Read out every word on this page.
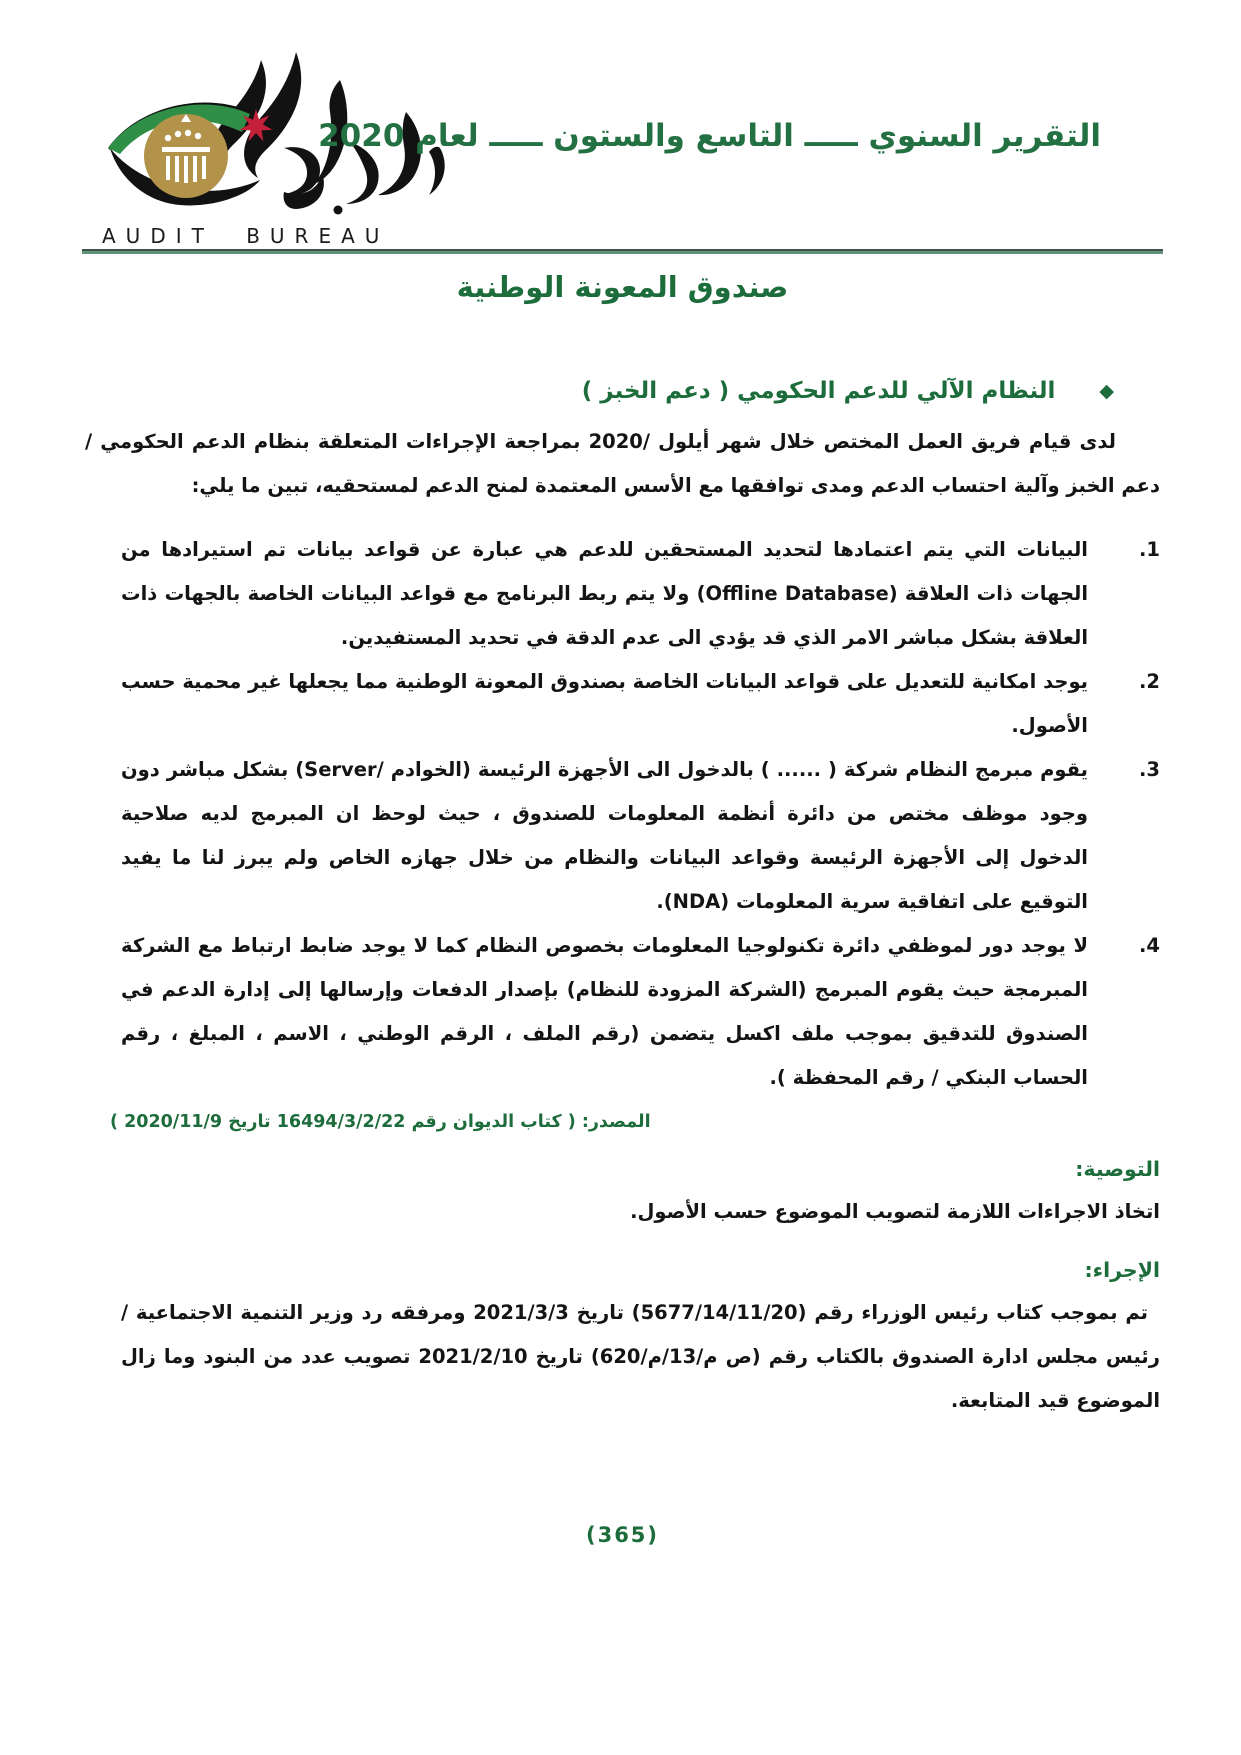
AUDIT BUREAU
التقرير السنوي ـــــ التاسع والستون ـــــ لعام 2020
صندوق المعونة الوطنية
◆
النظام الآلي للدعم الحكومي ( دعم الخبز )

لدى قيام فريق العمل المختص خلال شهر أيلول /2020 بمراجعة الإجراءات المتعلقة بنظام الدعم الحكومي /دعم الخبز وآلية احتساب الدعم ومدى توافقها مع الأسس المعتمدة لمنح الدعم لمستحقيه، تبين ما يلي:

1.
البيانات التي يتم اعتمادها لتحديد المستحقين للدعم هي عبارة عن قواعد بيانات تم استيرادها من الجهات ذات العلاقة (Offline Database) ولا يتم ربط البرنامج مع قواعد البيانات الخاصة بالجهات ذات العلاقة بشكل مباشر الامر الذي قد يؤدي الى عدم الدقة في تحديد المستفيدين.
2.
يوجد امكانية للتعديل على قواعد البيانات الخاصة بصندوق المعونة الوطنية مما يجعلها غير محمية حسب الأصول.
3.
يقوم مبرمج النظام شركة ( ...... ) بالدخول الى الأجهزة الرئيسة (الخوادم /Server) بشكل مباشر دون وجود موظف مختص من دائرة أنظمة المعلومات للصندوق ، حيث لوحظ ان المبرمج لديه صلاحية الدخول إلى الأجهزة الرئيسة وقواعد البيانات والنظام من خلال جهازه الخاص ولم يبرز لنا ما يفيد التوقيع على اتفاقية سرية المعلومات (NDA).
4.
لا يوجد دور لموظفي دائرة تكنولوجيا المعلومات بخصوص النظام كما لا يوجد ضابط ارتباط مع الشركة المبرمجة حيث يقوم المبرمج (الشركة المزودة للنظام) بإصدار الدفعات وإرسالها إلى إدارة الدعم في الصندوق للتدقيق بموجب ملف اكسل يتضمن (رقم الملف ، الرقم الوطني ، الاسم ، المبلغ ، رقم الحساب البنكي / رقم المحفظة ).
المصدر: ( كتاب الديوان رقم 16494/3/2/22 تاريخ 2020/11/9 )
التوصية:

اتخاذ الاجراءات اللازمة لتصويب الموضوع حسب الأصول.

الإجراء:

تم بموجب كتاب رئيس الوزراء رقم (5677/14/11/20) تاريخ 2021/3/3 ومرفقه رد وزير التنمية الاجتماعية / رئيس مجلس ادارة الصندوق بالكتاب رقم (ص م/13/م/620) تاريخ 2021/2/10 تصويب عدد من البنود وما زال الموضوع قيد المتابعة.

(365)
